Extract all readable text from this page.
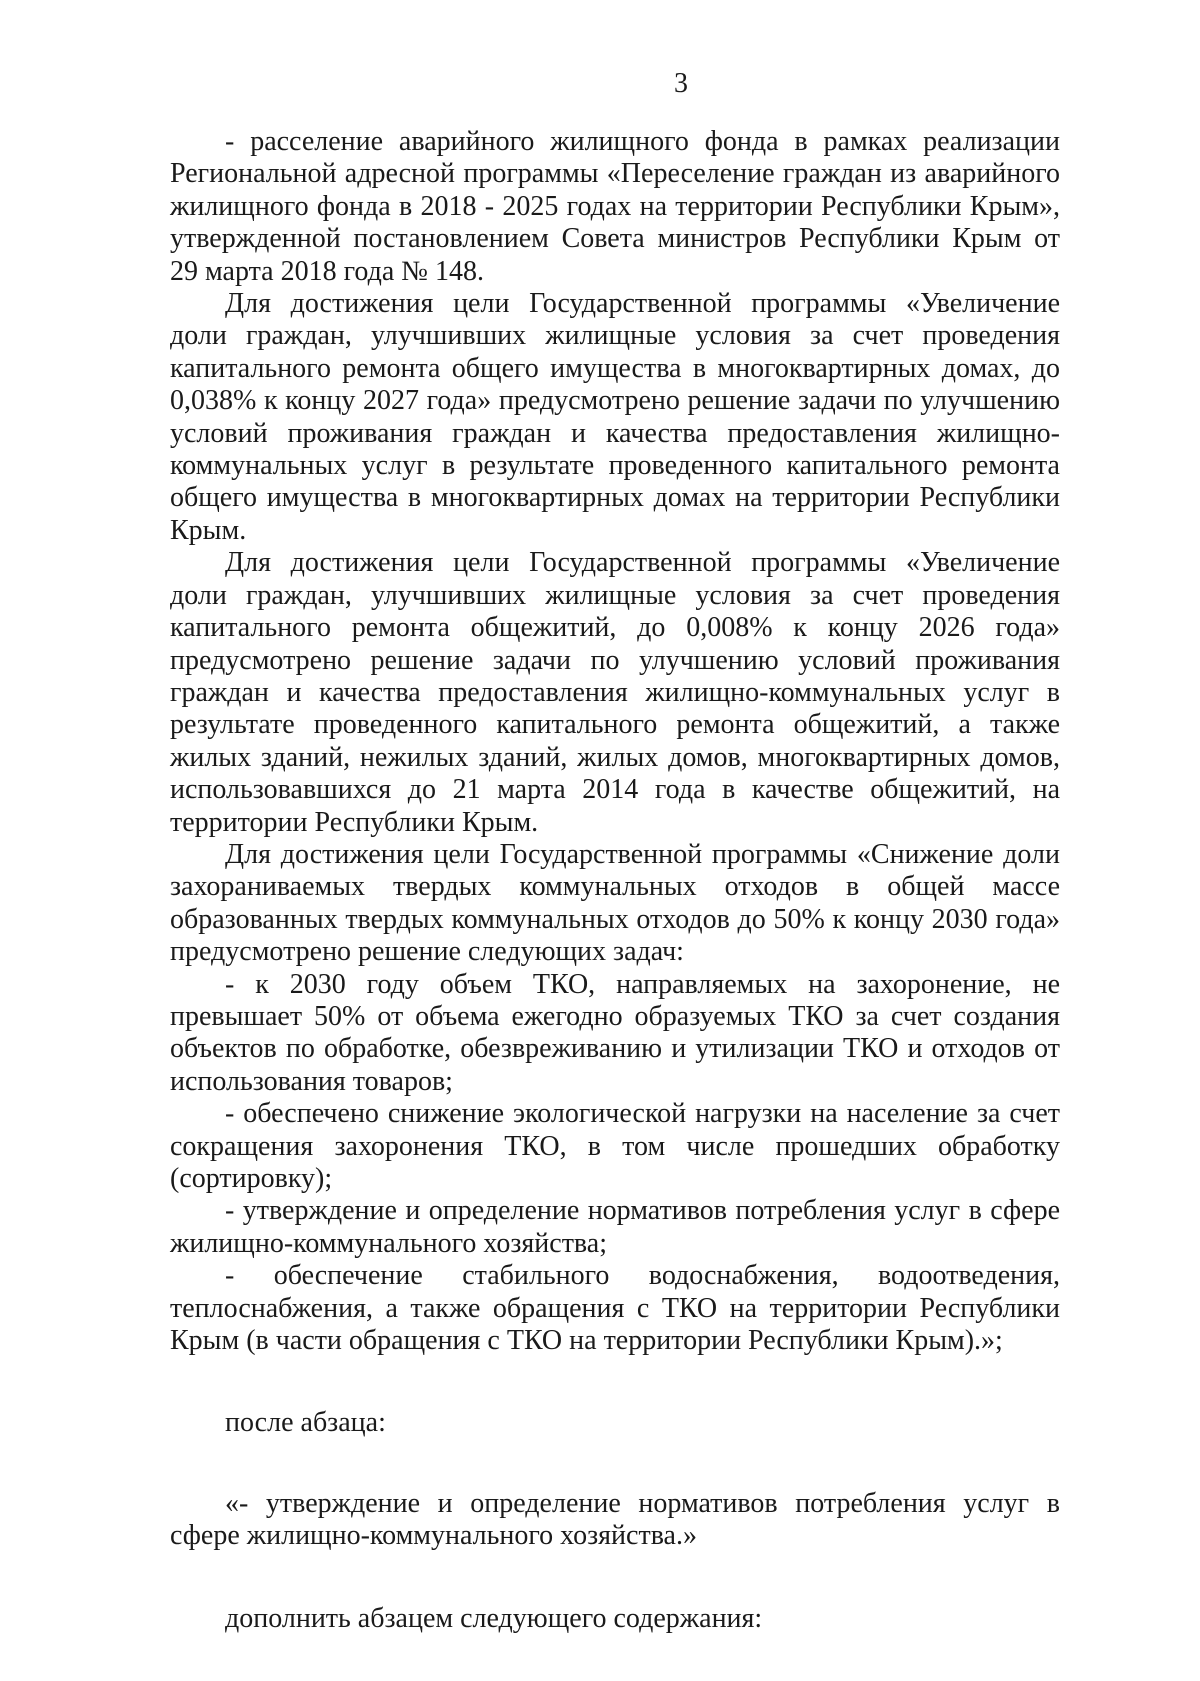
3

- расселение аварийного жилищного фонда в рамках реализации Региональной адресной программы «Переселение граждан из аварийного жилищного фонда в 2018 - 2025 годах на территории Республики Крым», утвержденной постановлением Совета министров Республики Крым от 29 марта 2018 года № 148.

Для достижения цели Государственной программы «Увеличение доли граждан, улучшивших жилищные условия за счет проведения капитального ремонта общего имущества в многоквартирных домах, до 0,038% к концу 2027 года» предусмотрено решение задачи по улучшению условий проживания граждан и качества предоставления жилищно-коммунальных услуг в результате проведенного капитального ремонта общего имущества в многоквартирных домах на территории Республики Крым.

Для достижения цели Государственной программы «Увеличение доли граждан, улучшивших жилищные условия за счет проведения капитального ремонта общежитий, до 0,008% к концу 2026 года» предусмотрено решение задачи по улучшению условий проживания граждан и качества предоставления жилищно-коммунальных услуг в результате проведенного капитального ремонта общежитий, а также жилых зданий, нежилых зданий, жилых домов, многоквартирных домов, использовавшихся до 21 марта 2014 года в качестве общежитий, на территории Республики Крым.

Для достижения цели Государственной программы «Снижение доли захораниваемых твердых коммунальных отходов в общей массе образованных твердых коммунальных отходов до 50% к концу 2030 года» предусмотрено решение следующих задач:

- к 2030 году объем ТКО, направляемых на захоронение, не превышает 50% от объема ежегодно образуемых ТКО за счет создания объектов по обработке, обезвреживанию и утилизации ТКО и отходов от использования товаров;

- обеспечено снижение экологической нагрузки на население за счет сокращения захоронения ТКО, в том числе прошедших обработку (сортировку);

- утверждение и определение нормативов потребления услуг в сфере жилищно-коммунального хозяйства;

- обеспечение стабильного водоснабжения, водоотведения, теплоснабжения, а также обращения с ТКО на территории Республики Крым (в части обращения с ТКО на территории Республики Крым).»;

после абзаца:

«- утверждение и определение нормативов потребления услуг в сфере жилищно-коммунального хозяйства.»

дополнить абзацем следующего содержания:
